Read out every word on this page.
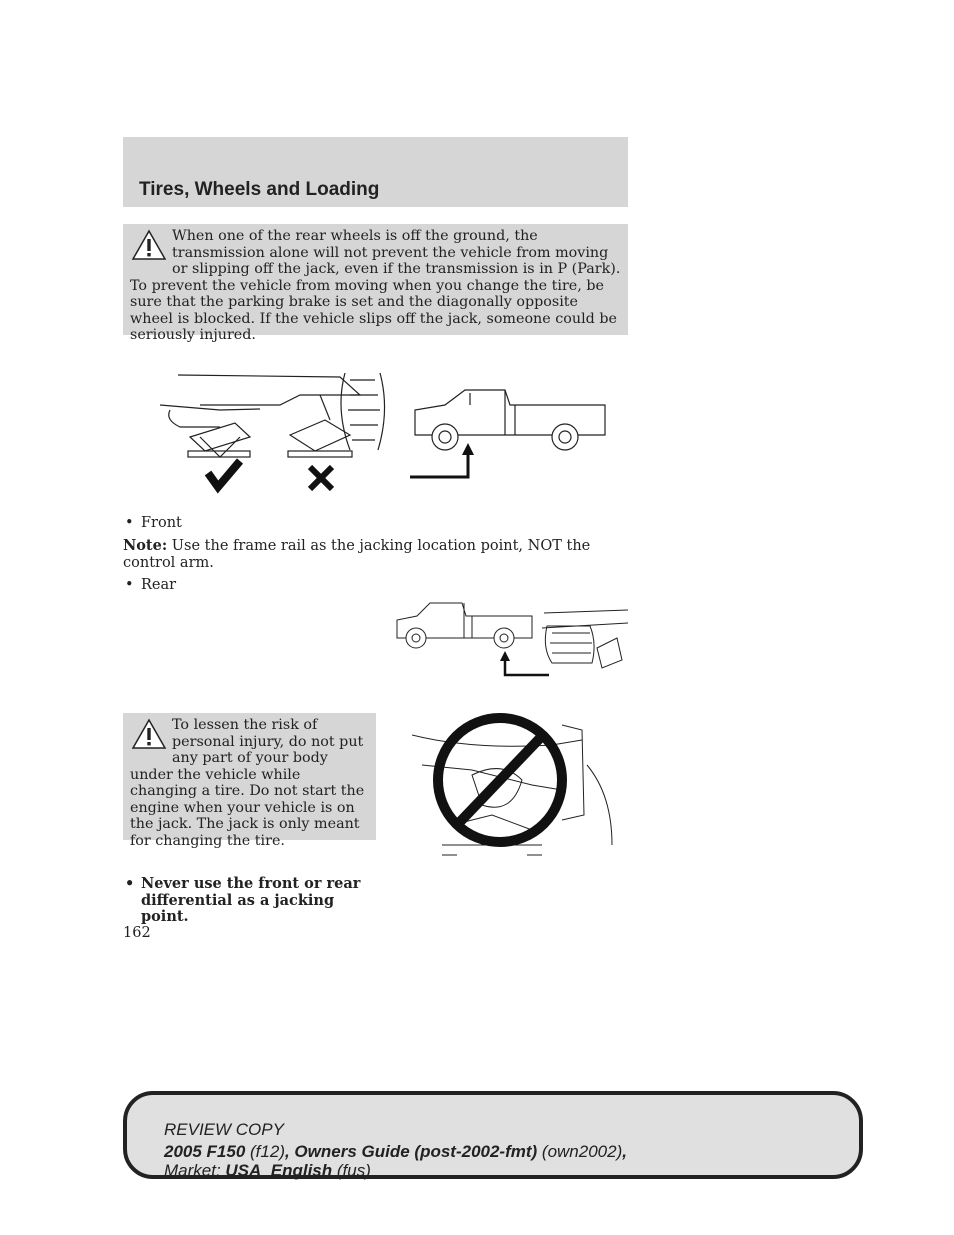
Tires, Wheels and Loading
When one of the rear wheels is off the ground, the transmission alone will not prevent the vehicle from moving or slipping off the jack, even if the transmission is in P (Park). To prevent the vehicle from moving when you change the tire, be sure that the parking brake is set and the diagonally opposite wheel is blocked. If the vehicle slips off the jack, someone could be seriously injured.
• Front
Note: Use the frame rail as the jacking location point, NOT the control arm.
• Rear
To lessen the risk of personal injury, do not put any part of your body under the vehicle while changing a tire. Do not start the engine when your vehicle is on the jack. The jack is only meant for changing the tire.
• Never use the front or rear differential as a jacking point.
162
REVIEW COPY
2005 F150 (f12), Owners Guide (post-2002-fmt) (own2002),
Market: USA_English (fus)
